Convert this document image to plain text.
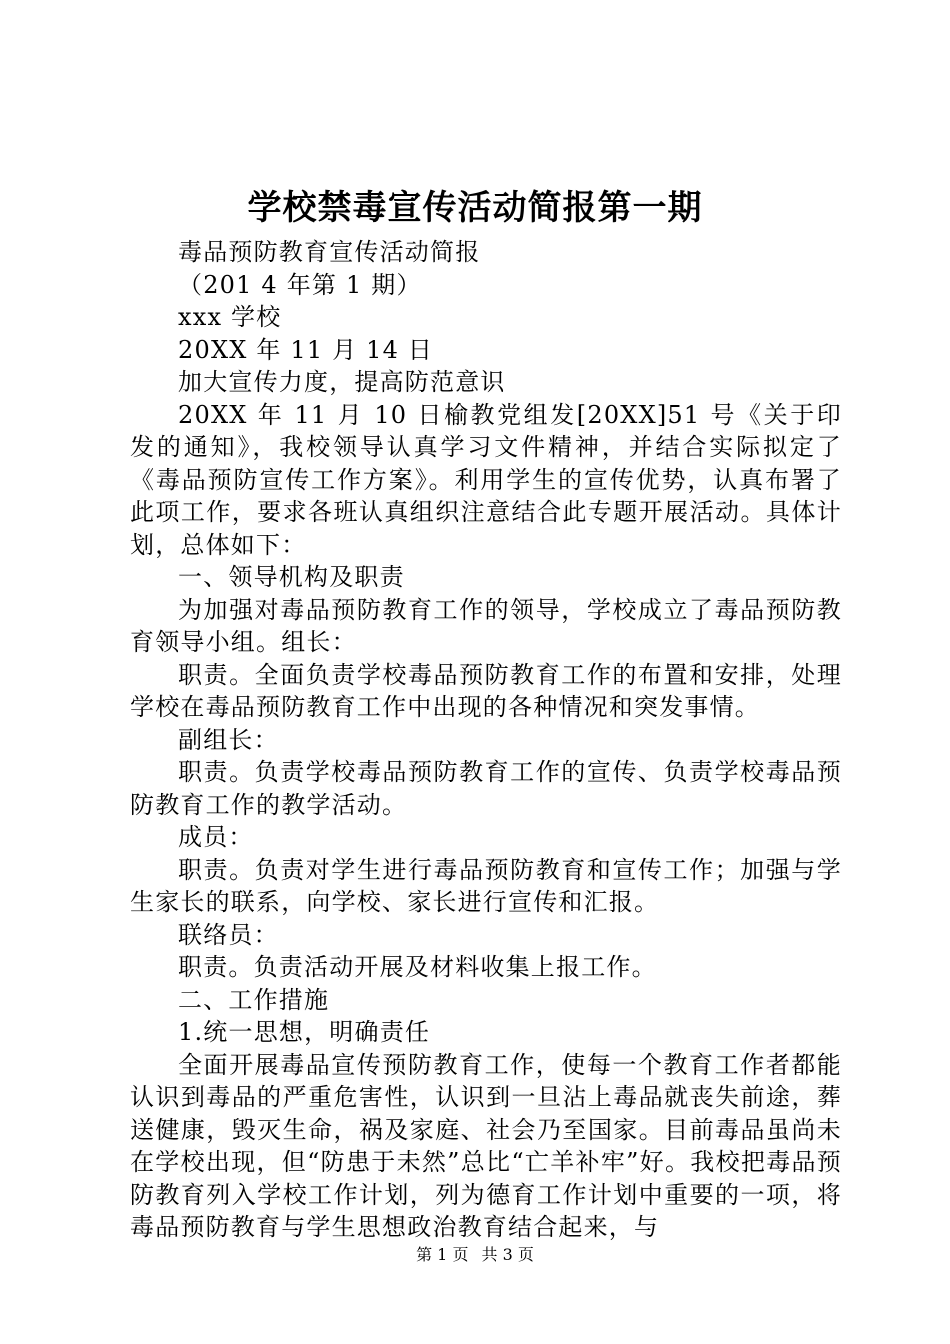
学校禁毒宣传活动简报第一期

毒品预防教育宣传活动简报

（201 4 年第 1 期）

xxx 学校

20XX 年 11 月 14 日

加大宣传力度，提高防范意识

20XX 年 11 月 10 日榆教党组发[20XX]51 号《关于印发的通知》，我校领导认真学习文件精神，并结合实际拟定了《毒品预防宣传工作方案》。利用学生的宣传优势，认真布署了此项工作，要求各班认真组织注意结合此专题开展活动。具体计划，总体如下：

一、领导机构及职责

为加强对毒品预防教育工作的领导，学校成立了毒品预防教育领导小组。组长：

职责。全面负责学校毒品预防教育工作的布置和安排，处理学校在毒品预防教育工作中出现的各种情况和突发事情。

副组长：

职责。负责学校毒品预防教育工作的宣传、负责学校毒品预防教育工作的教学活动。

成员：

职责。负责对学生进行毒品预防教育和宣传工作；加强与学生家长的联系，向学校、家长进行宣传和汇报。

联络员：

职责。负责活动开展及材料收集上报工作。

二、工作措施

1.统一思想，明确责任

全面开展毒品宣传预防教育工作，使每一个教育工作者都能认识到毒品的严重危害性，认识到一旦沾上毒品就丧失前途，葬送健康，毁灭生命，祸及家庭、社会乃至国家。目前毒品虽尚未在学校出现，但“防患于未然”总比“亡羊补牢”好。我校把毒品预防教育列入学校工作计划，列为德育工作计划中重要的一项，将毒品预防教育与学生思想政治教育结合起来，与

第 1 页 共 3 页
